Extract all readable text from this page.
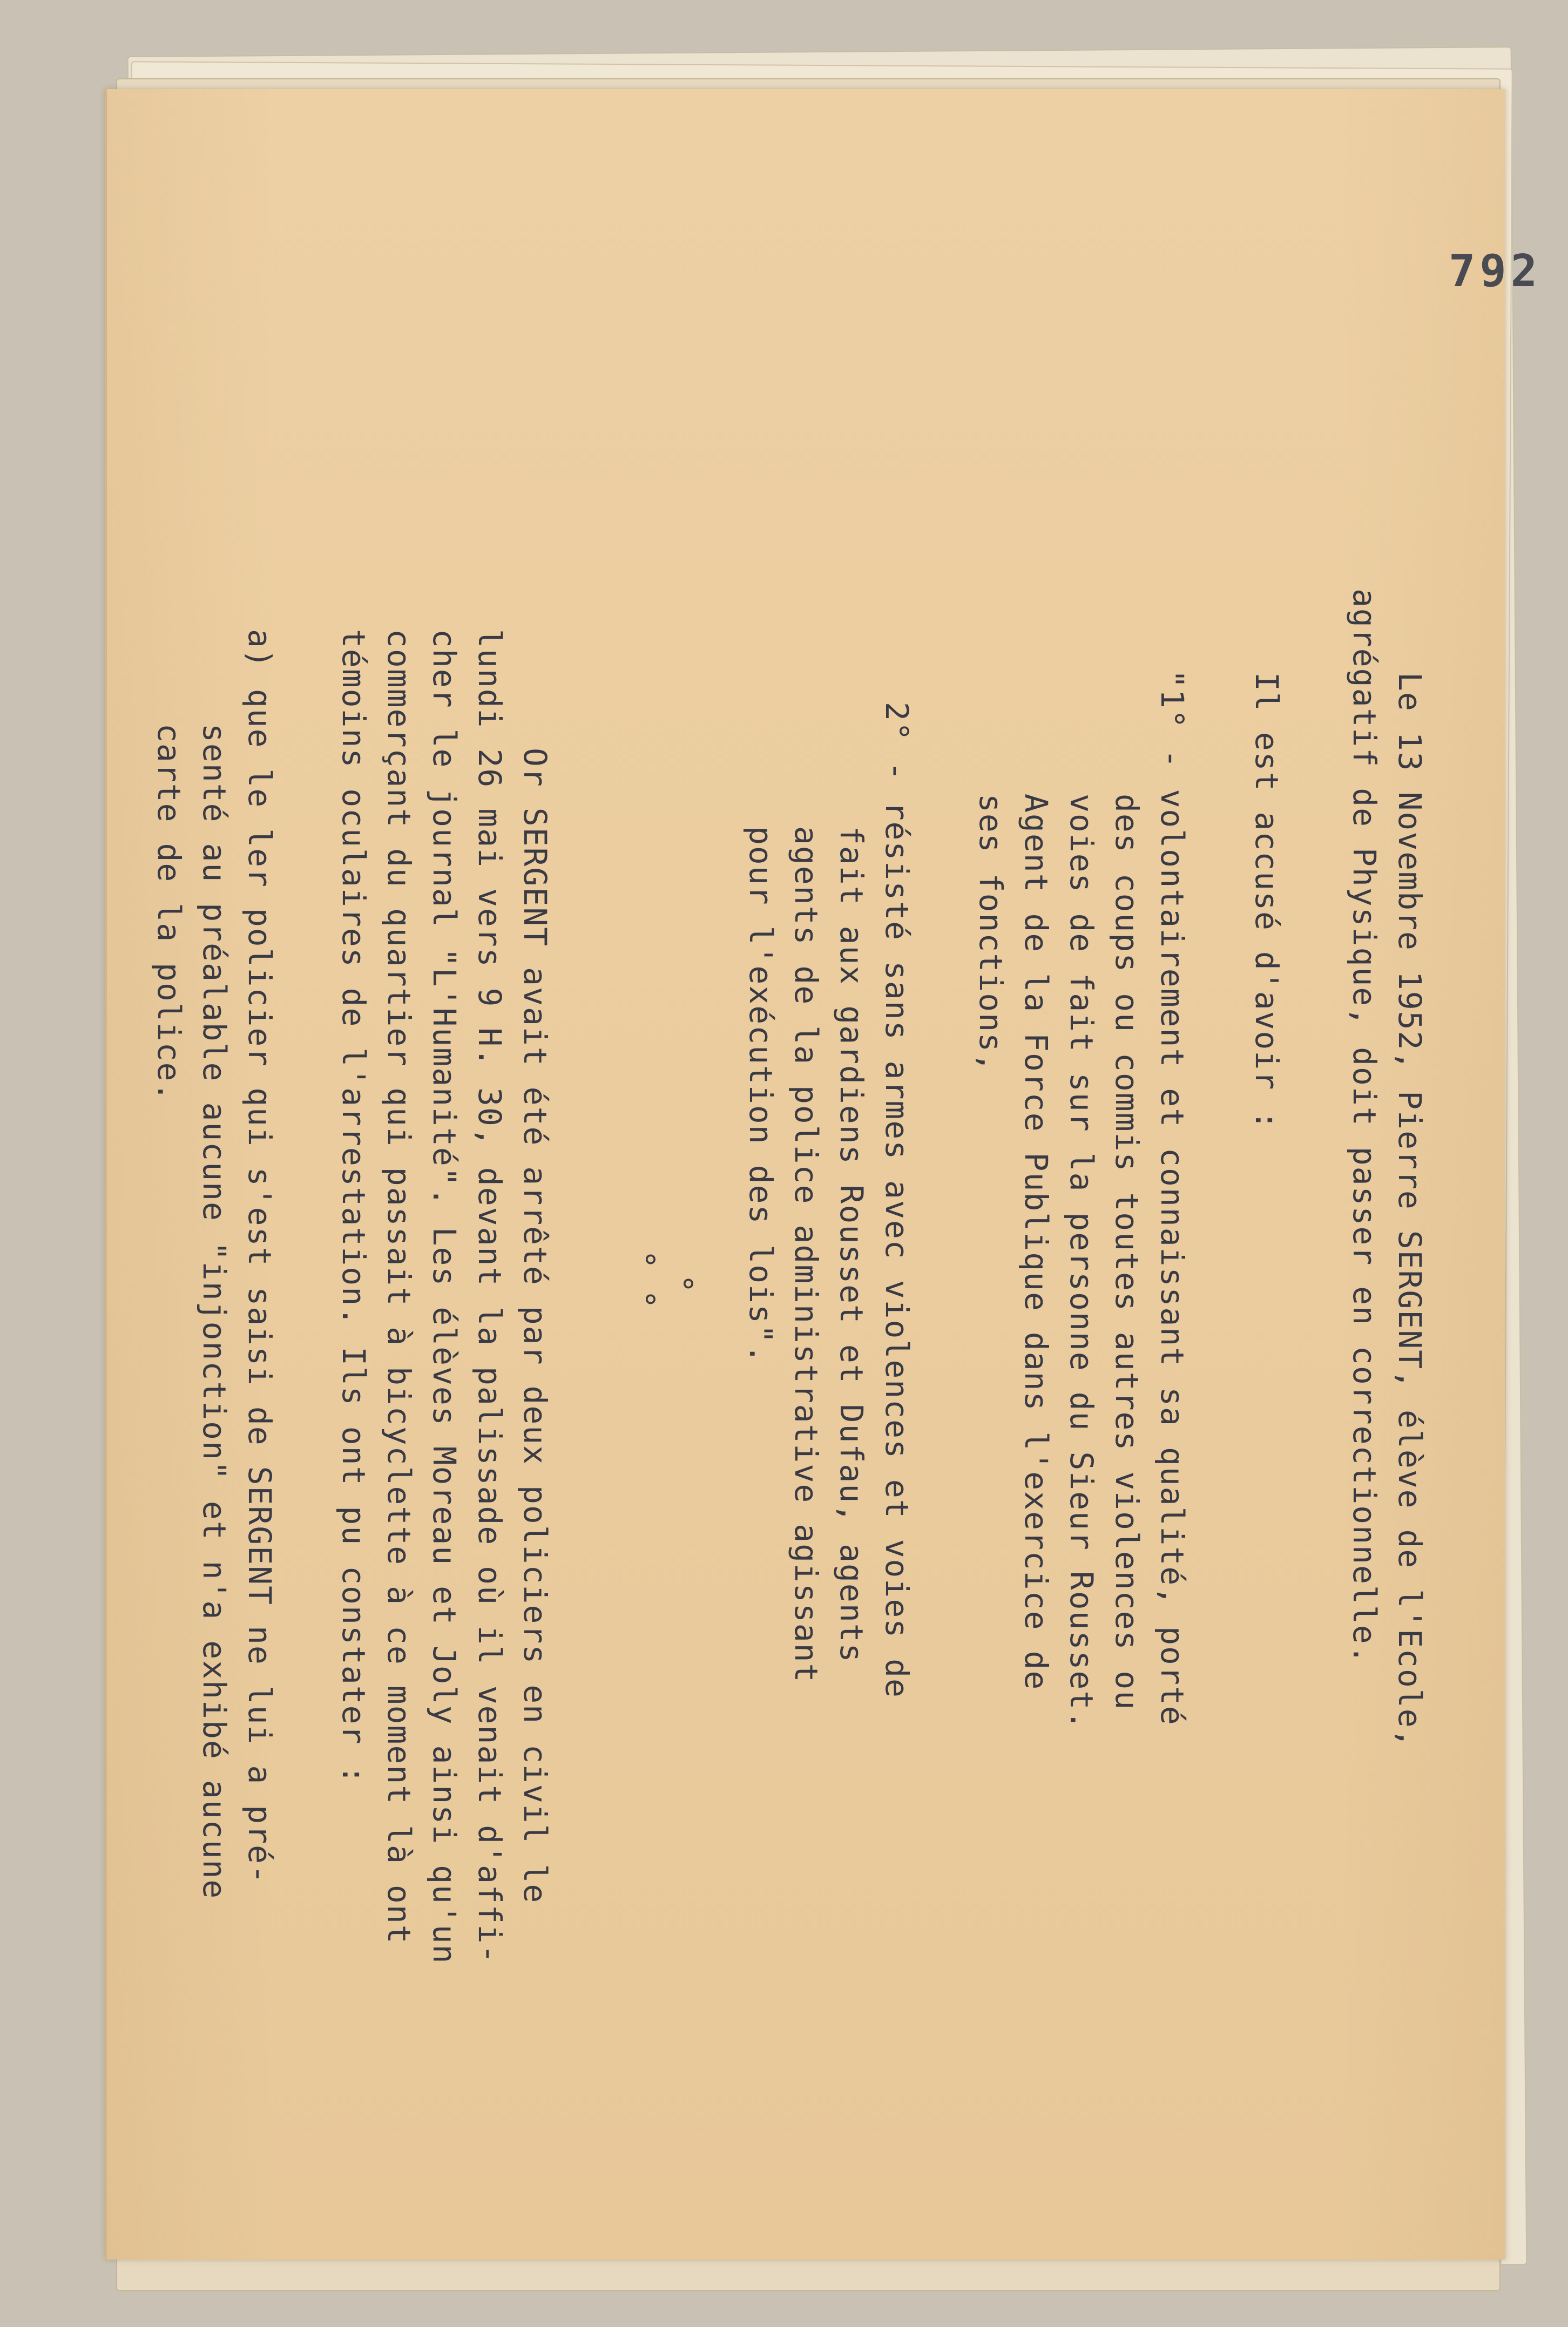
792
Le 13 Novembre 1952, Pierre SERGENT, élève de l'Ecole,
agrégatif de Physique, doit passer en correctionnelle.
Il est accusé d'avoir :
"1° - volontairement et connaissant sa qualité, porté
des coups ou commis toutes autres violences ou
voies de fait sur la personne du Sieur Rousset.
Agent de la Force Publique dans l'exercice de
ses fonctions,
2° - résisté sans armes avec violences et voies de
fait aux gardiens Rousset et Dufau, agents
agents de la police administrative agissant
pour l'exécution des lois".
°
° °
Or SERGENT avait été arrêté par deux policiers en civil le
lundi 26 mai vers 9 H. 30, devant la palissade où il venait d'affi-
cher le journal "L'Humanité". Les élèves Moreau et Joly ainsi qu'un
commerçant du quartier qui passait à bicyclette à ce moment là ont
témoins oculaires de l'arrestation. Ils ont pu constater :
a) que le ler policier qui s'est saisi de SERGENT ne lui a pré-
senté au préalable aucune "injonction" et n'a exhibé aucune
carte de la police.
